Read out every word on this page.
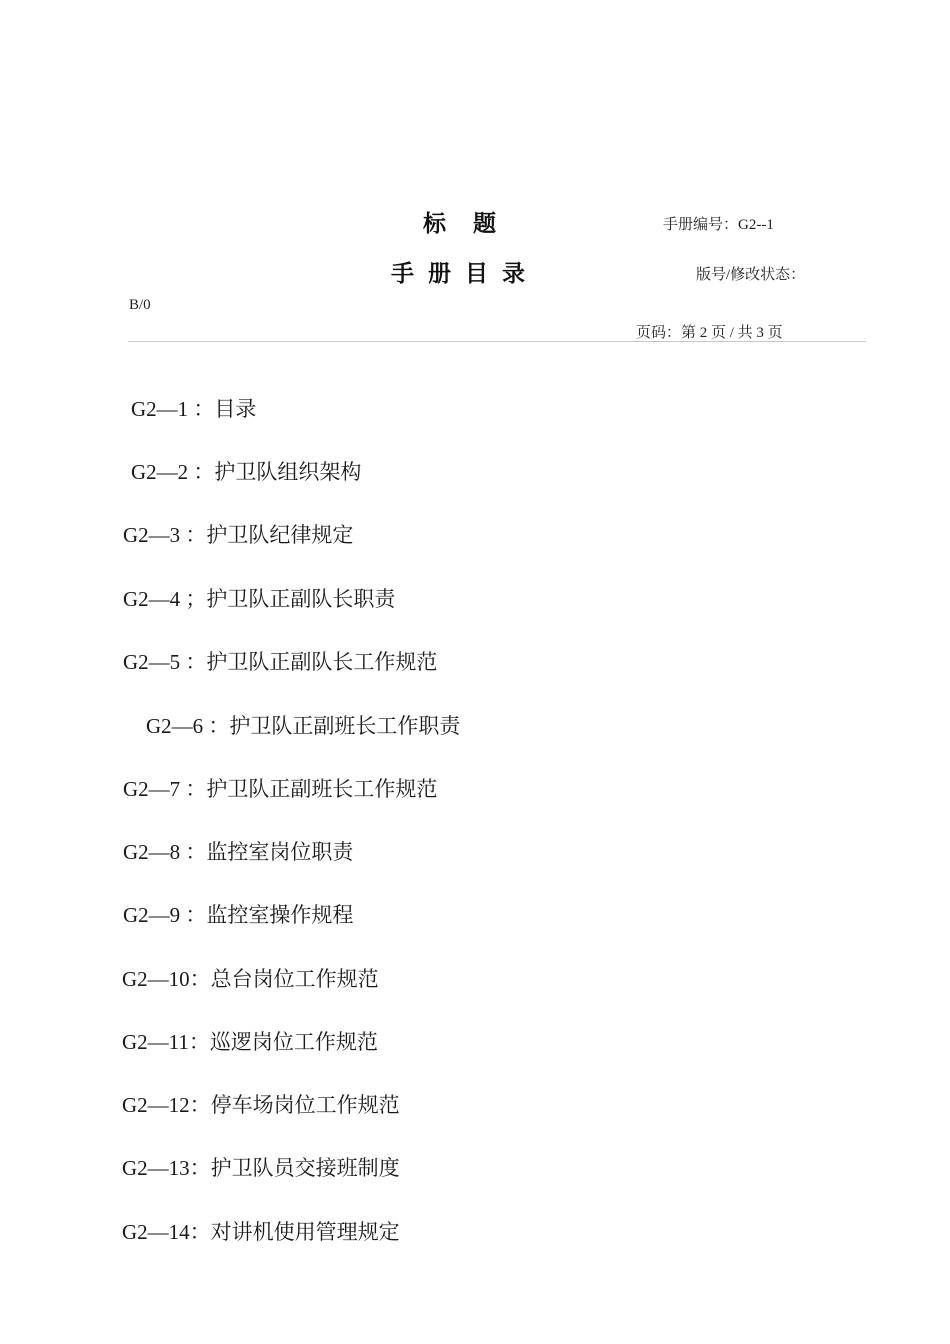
标　题	手册编号：G2--1
手 册 目 录	版号/修改状态：
B/0
页码：第 2 页 / 共 3 页
G2—1 ：目录
G2—2 ：护卫队组织架构
G2—3 ：护卫队纪律规定
G2—4 ；护卫队正副队长职责
G2—5 ：护卫队正副队长工作规范
G2—6 ：护卫队正副班长工作职责
G2—7 ：护卫队正副班长工作规范
G2—8 ：监控室岗位职责
G2—9 ：监控室操作规程
G2—10：总台岗位工作规范
G2—11：巡逻岗位工作规范
G2—12：停车场岗位工作规范
G2—13：护卫队员交接班制度
G2—14：对讲机使用管理规定
